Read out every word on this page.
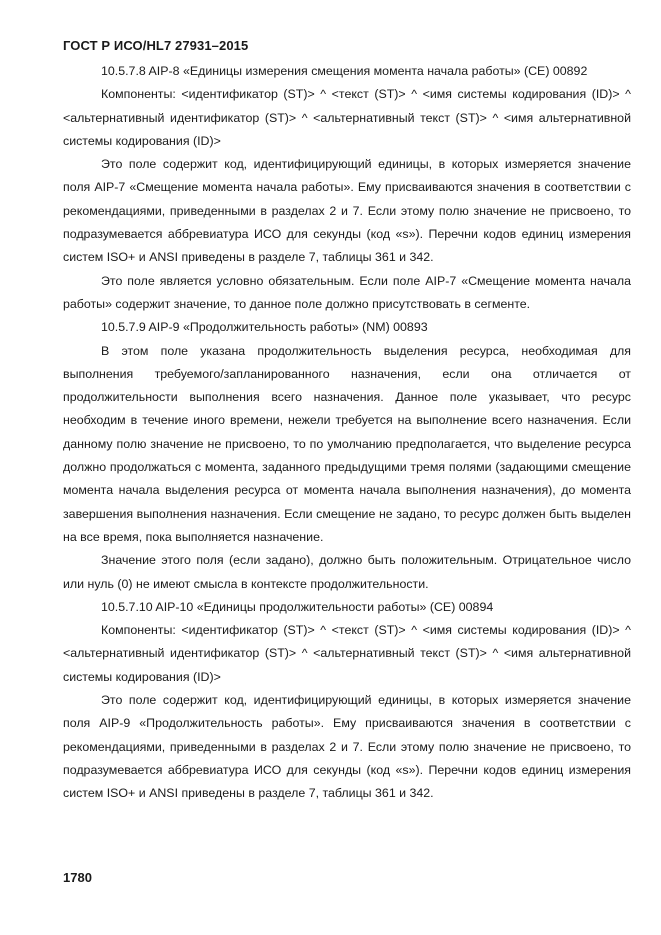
ГОСТ Р ИСО/HL7 27931–2015

10.5.7.8 AIP-8 «Единицы измерения смещения момента начала работы» (CE) 00892

Компоненты: <идентификатор (ST)> ^ <текст (ST)> ^ <имя системы кодирования (ID)> ^ <альтернативный идентификатор (ST)> ^ <альтернативный текст (ST)> ^ <имя альтернативной системы кодирования (ID)>

Это поле содержит код, идентифицирующий единицы, в которых измеряется значение поля AIP-7 «Смещение момента начала работы». Ему присваиваются значения в соответствии с рекомендациями, приведенными в разделах 2 и 7. Если этому полю значение не присвоено, то подразумевается аббревиатура ИСО для секунды (код «s»). Перечни кодов единиц измерения систем ISO+ и ANSI приведены в разделе 7, таблицы 361 и 342.

Это поле является условно обязательным. Если поле AIP-7 «Смещение момента начала работы» содержит значение, то данное поле должно присутствовать в сегменте.

10.5.7.9 AIP-9 «Продолжительность работы» (NM) 00893

В этом поле указана продолжительность выделения ресурса, необходимая для выполнения требуемого/запланированного назначения, если она отличается от продолжительности выполнения всего назначения. Данное поле указывает, что ресурс необходим в течение иного времени, нежели требуется на выполнение всего назначения. Если данному полю значение не присвоено, то по умолчанию предполагается, что выделение ресурса должно продолжаться с момента, заданного предыдущими тремя полями (задающими смещение момента начала выделения ресурса от момента начала выполнения назначения), до момента завершения выполнения назначения. Если смещение не задано, то ресурс должен быть выделен на все время, пока выполняется назначение.

Значение этого поля (если задано), должно быть положительным. Отрицательное число или нуль (0) не имеют смысла в контексте продолжительности.

10.5.7.10 AIP-10 «Единицы продолжительности работы» (CE) 00894

Компоненты: <идентификатор (ST)> ^ <текст (ST)> ^ <имя системы кодирования (ID)> ^ <альтернативный идентификатор (ST)> ^ <альтернативный текст (ST)> ^ <имя альтернативной системы кодирования (ID)>

Это поле содержит код, идентифицирующий единицы, в которых измеряется значение поля AIP-9 «Продолжительность работы». Ему присваиваются значения в соответствии с рекомендациями, приведенными в разделах 2 и 7. Если этому полю значение не присвоено, то подразумевается аббревиатура ИСО для секунды (код «s»). Перечни кодов единиц измерения систем ISO+ и ANSI приведены в разделе 7, таблицы 361 и 342.

1780
